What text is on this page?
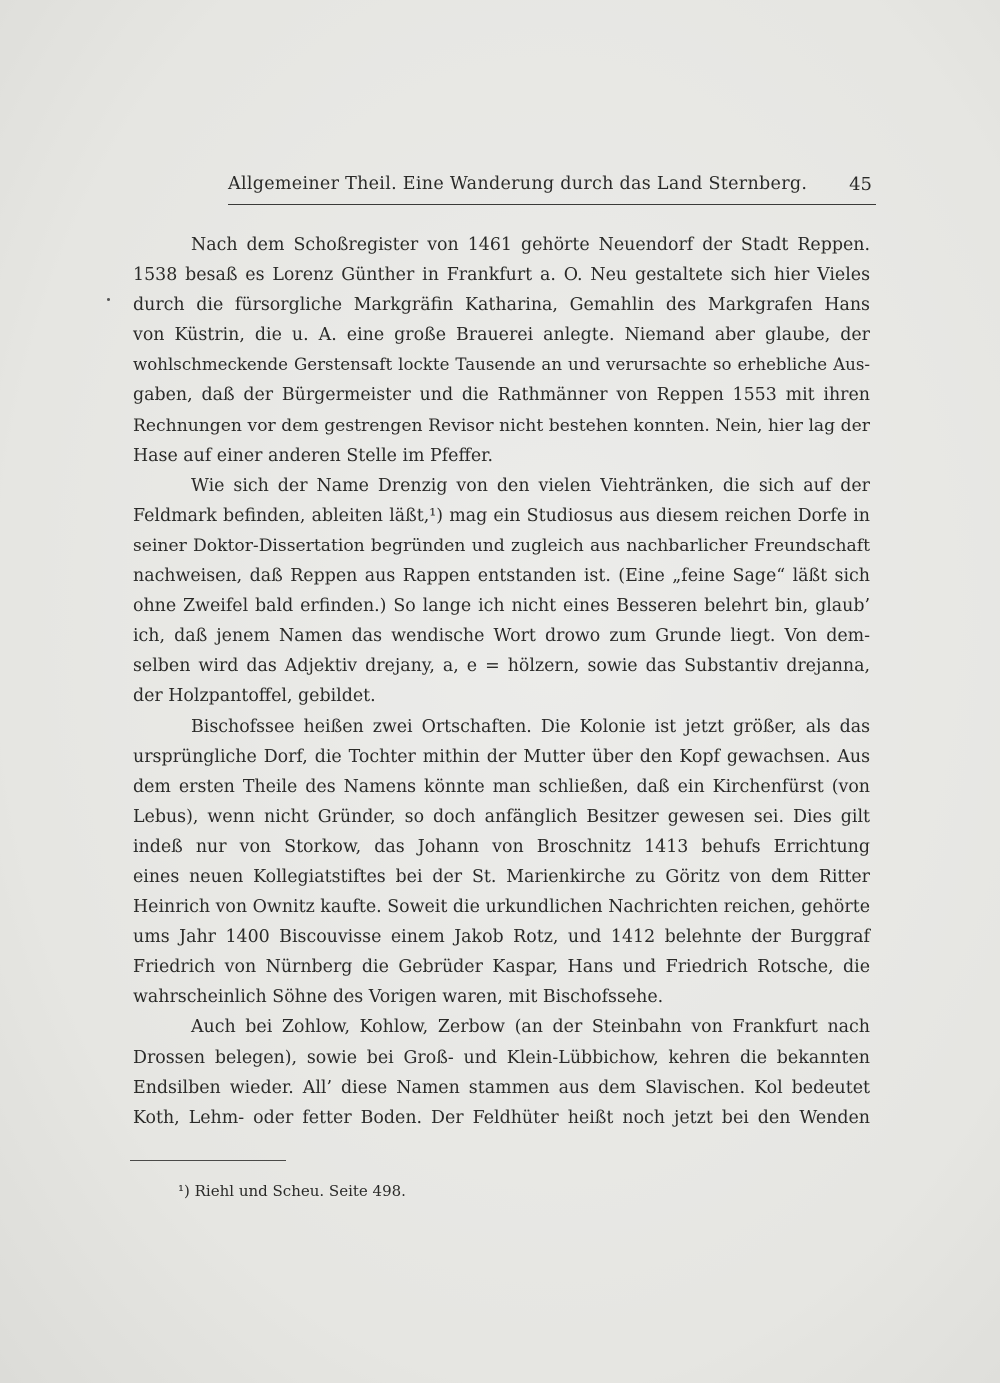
Allgemeiner Theil. Eine Wanderung durch das Land Sternberg. 45
Nach dem Schoßregister von 1461 gehörte Neuendorf der Stadt Reppen.
1538 besaß es Lorenz Günther in Frankfurt a. O. Neu gestaltete sich hier Vieles
durch die fürsorgliche Markgräfin Katharina, Gemahlin des Markgrafen Hans
von Küstrin, die u. A. eine große Brauerei anlegte. Niemand aber glaube, der
wohlschmeckende Gerstensaft lockte Tausende an und verursachte so erhebliche Aus-
gaben, daß der Bürgermeister und die Rathmänner von Reppen 1553 mit ihren
Rechnungen vor dem gestrengen Revisor nicht bestehen konnten. Nein, hier lag der
Hase auf einer anderen Stelle im Pfeffer.
Wie sich der Name Drenzig von den vielen Viehtränken, die sich auf der
Feldmark befinden, ableiten läßt,¹) mag ein Studiosus aus diesem reichen Dorfe in
seiner Doktor-Dissertation begründen und zugleich aus nachbarlicher Freundschaft
nachweisen, daß Reppen aus Rappen entstanden ist. (Eine „feine Sage“ läßt sich
ohne Zweifel bald erfinden.) So lange ich nicht eines Besseren belehrt bin, glaub’
ich, daß jenem Namen das wendische Wort drowo zum Grunde liegt. Von dem-
selben wird das Adjektiv drejany, a, e = hölzern, sowie das Substantiv drejanna,
der Holzpantoffel, gebildet.
Bischofssee heißen zwei Ortschaften. Die Kolonie ist jetzt größer, als das
ursprüngliche Dorf, die Tochter mithin der Mutter über den Kopf gewachsen. Aus
dem ersten Theile des Namens könnte man schließen, daß ein Kirchenfürst (von
Lebus), wenn nicht Gründer, so doch anfänglich Besitzer gewesen sei. Dies gilt
indeß nur von Storkow, das Johann von Broschnitz 1413 behufs Errichtung
eines neuen Kollegiatstiftes bei der St. Marienkirche zu Göritz von dem Ritter
Heinrich von Ownitz kaufte. Soweit die urkundlichen Nachrichten reichen, gehörte
ums Jahr 1400 Biscouvisse einem Jakob Rotz, und 1412 belehnte der Burggraf
Friedrich von Nürnberg die Gebrüder Kaspar, Hans und Friedrich Rotsche, die
wahrscheinlich Söhne des Vorigen waren, mit Bischofssehe.
Auch bei Zohlow, Kohlow, Zerbow (an der Steinbahn von Frankfurt nach
Drossen belegen), sowie bei Groß- und Klein-Lübbichow, kehren die bekannten
Endsilben wieder. All’ diese Namen stammen aus dem Slavischen. Kol bedeutet
Koth, Lehm- oder fetter Boden. Der Feldhüter heißt noch jetzt bei den Wenden
¹) Riehl und Scheu. Seite 498.
